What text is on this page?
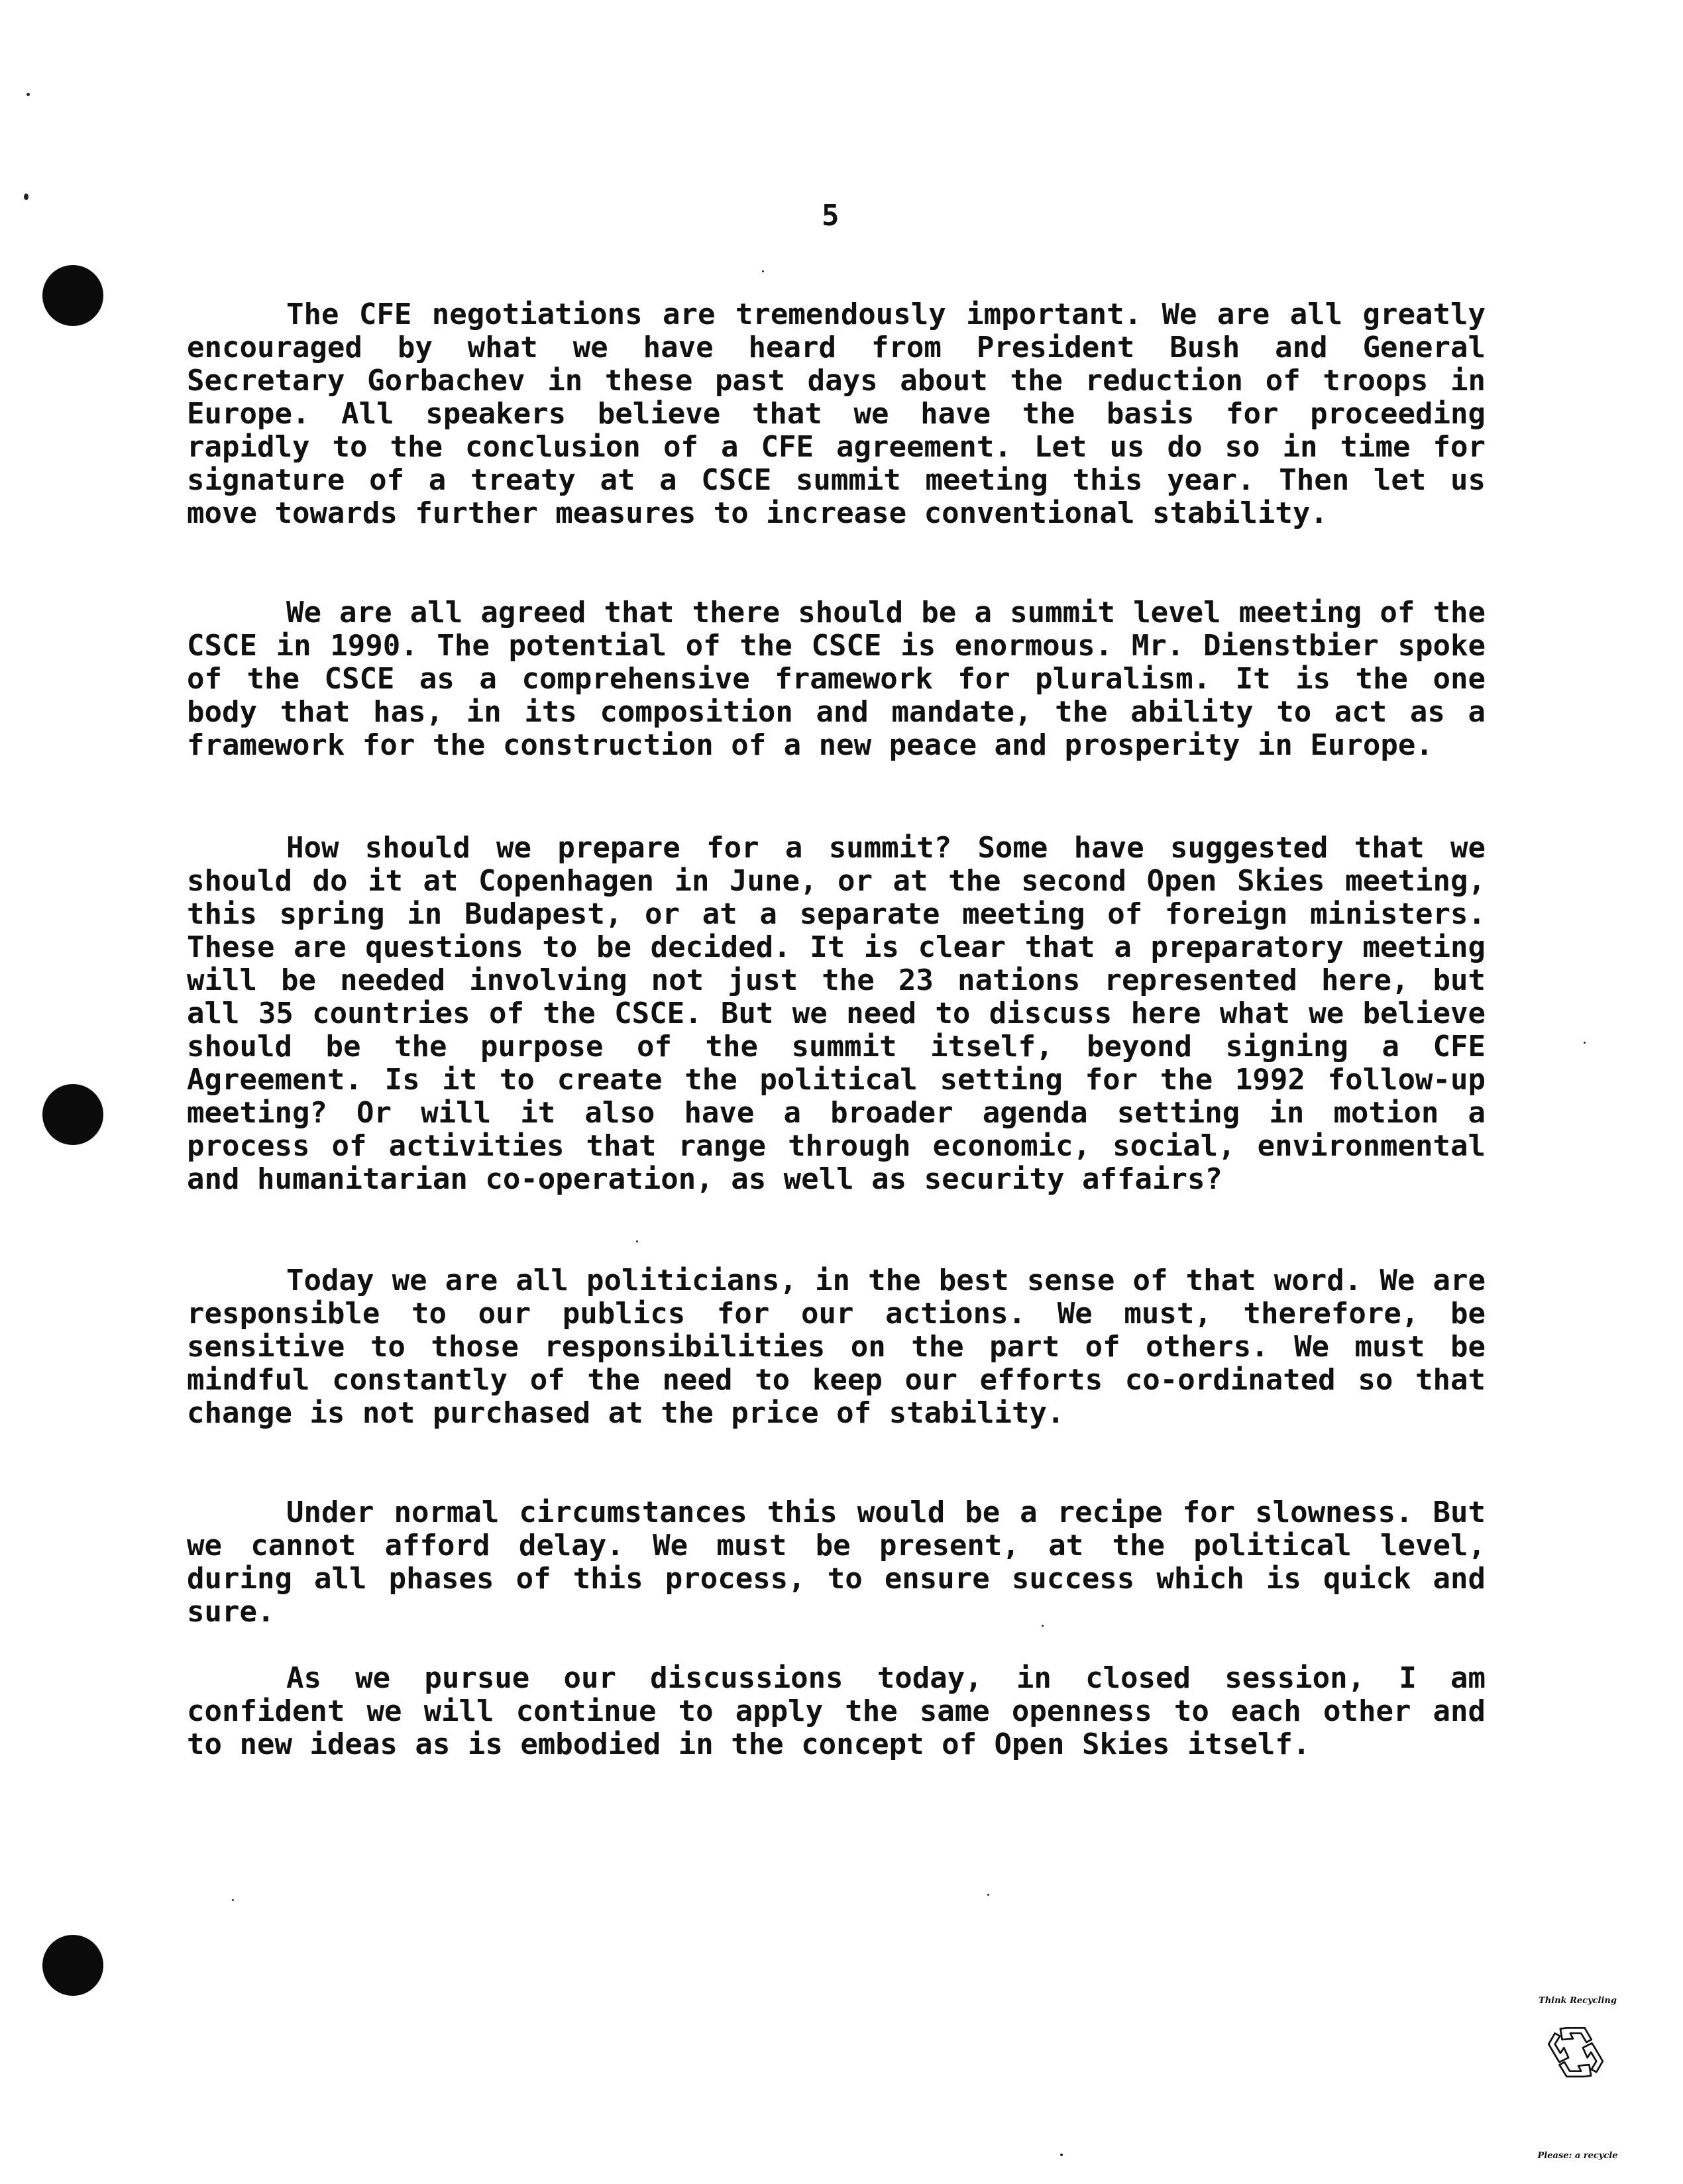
5

The CFE negotiations are tremendously important. We are all greatly encouraged by what we have heard from President Bush and General Secretary Gorbachev in these past days about the reduction of troops in Europe. All speakers believe that we have the basis for proceeding rapidly to the conclusion of a CFE agreement. Let us do so in time for signature of a treaty at a CSCE summit meeting this year. Then let us move towards further measures to increase conventional stability.

We are all agreed that there should be a summit level meeting of the CSCE in 1990. The potential of the CSCE is enormous. Mr. Dienstbier spoke of the CSCE as a comprehensive framework for pluralism. It is the one body that has, in its composition and mandate, the ability to act as a framework for the construction of a new peace and prosperity in Europe.

How should we prepare for a summit? Some have suggested that we should do it at Copenhagen in June, or at the second Open Skies meeting, this spring in Budapest, or at a separate meeting of foreign ministers. These are questions to be decided. It is clear that a preparatory meeting will be needed involving not just the 23 nations represented here, but all 35 countries of the CSCE. But we need to discuss here what we believe should be the purpose of the summit itself, beyond signing a CFE Agreement. Is it to create the political setting for the 1992 follow-up meeting? Or will it also have a broader agenda setting in motion a process of activities that range through economic, social, environmental and humanitarian co-operation, as well as security affairs?

Today we are all politicians, in the best sense of that word. We are responsible to our publics for our actions. We must, therefore, be sensitive to those responsibilities on the part of others. We must be mindful constantly of the need to keep our efforts co-ordinated so that change is not purchased at the price of stability.

Under normal circumstances this would be a recipe for slowness. But we cannot afford delay. We must be present, at the political level, during all phases of this process, to ensure success which is quick and sure.

As we pursue our discussions today, in closed session, I am confident we will continue to apply the same openness to each other and to new ideas as is embodied in the concept of Open Skies itself.

Think Recycling
Please: a recycle
